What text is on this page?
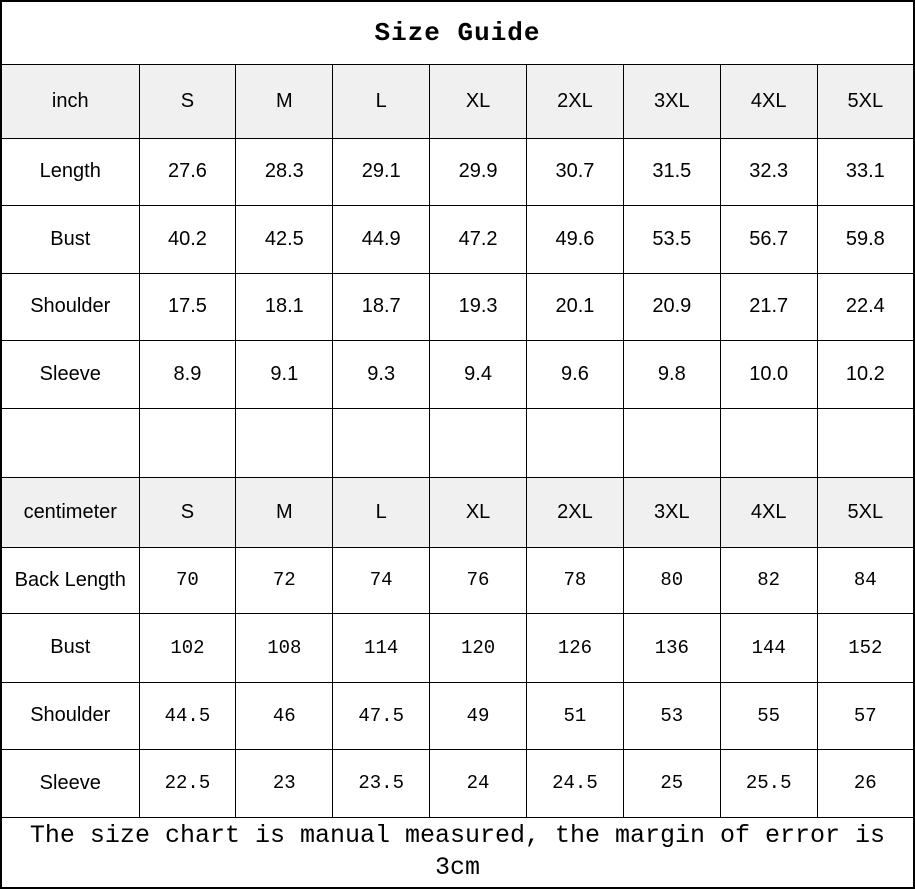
Size Guide								
inch	S	M	L	XL	2XL	3XL	4XL	5XL
Length	27.6	28.3	29.1	29.9	30.7	31.5	32.3	33.1
Bust	40.2	42.5	44.9	47.2	49.6	53.5	56.7	59.8
Shoulder	17.5	18.1	18.7	19.3	20.1	20.9	21.7	22.4
Sleeve	8.9	9.1	9.3	9.4	9.6	9.8	10.0	10.2

centimeter	S	M	L	XL	2XL	3XL	4XL	5XL
Back Length	70	72	74	76	78	80	82	84
Bust	102	108	114	120	126	136	144	152
Shoulder	44.5	46	47.5	49	51	53	55	57
Sleeve	22.5	23	23.5	24	24.5	25	25.5	26
The size chart is manual measured, the margin of error is 3cm								
